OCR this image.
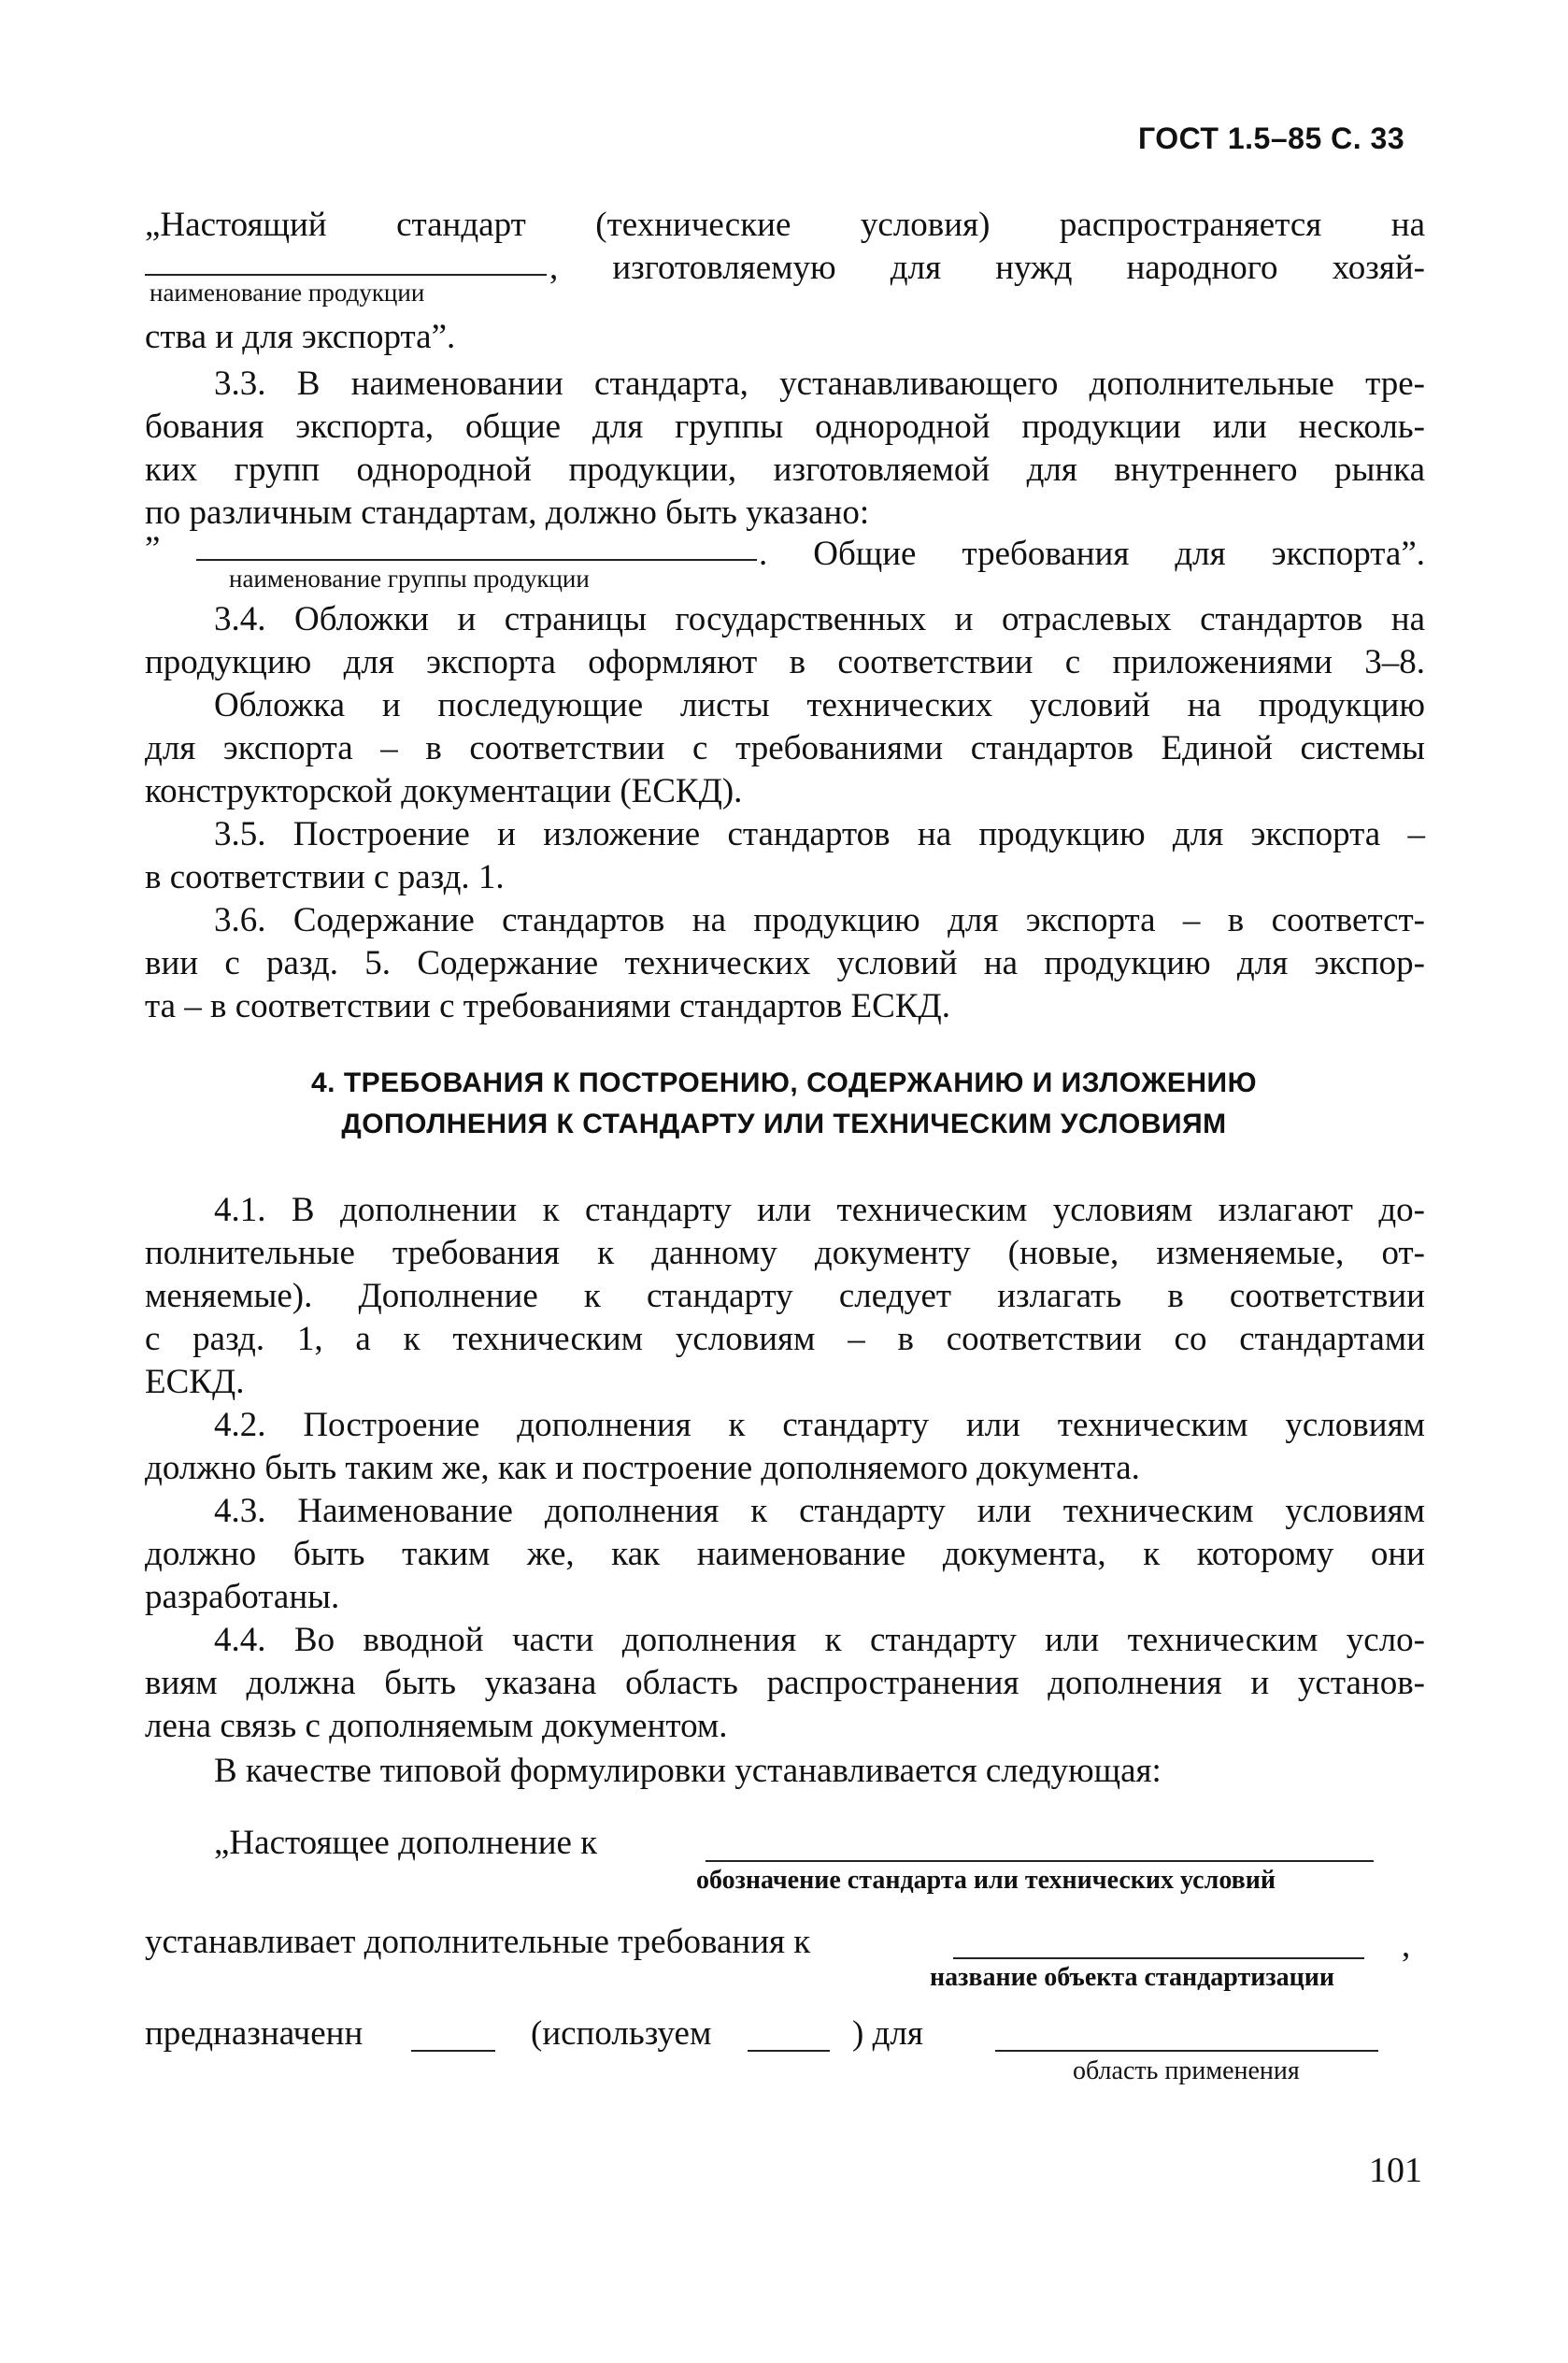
ГОСТ 1.5–85 С. 33
„Настоящий стандарт (технические условия) распространяется на
, изготовляемую для нужд народного хозяй-
наименование продукции
ства и для экспорта”.
3.3. В наименовании стандарта, устанавливающего дополнительные тре-
бования экспорта, общие для группы однородной продукции или несколь-
ких групп однородной продукции, изготовляемой для внутреннего рынка
по различным стандартам, должно быть указано:
”	. Общие требования для экспорта”.
наименование группы продукции
3.4. Обложки и страницы государственных и отраслевых стандартов на
продукцию для экспорта оформляют в соответствии с приложениями 3–8.
Обложка и последующие листы технических условий на продукцию
для экспорта – в соответствии с требованиями стандартов Единой системы
конструкторской документации (ЕСКД).
3.5. Построение и изложение стандартов на продукцию для экспорта –
в соответствии с разд. 1.
3.6. Содержание стандартов на продукцию для экспорта – в соответст-
вии с разд. 5. Содержание технических условий на продукцию для экспор-
та – в соответствии с требованиями стандартов ЕСКД.
4. ТРЕБОВАНИЯ К ПОСТРОЕНИЮ, СОДЕРЖАНИЮ И ИЗЛОЖЕНИЮ
ДОПОЛНЕНИЯ К СТАНДАРТУ ИЛИ ТЕХНИЧЕСКИМ УСЛОВИЯМ
4.1. В дополнении к стандарту или техническим условиям излагают до-
полнительные требования к данному документу (новые, изменяемые, от-
меняемые). Дополнение к стандарту следует излагать в соответствии
с разд. 1, а к техническим условиям – в соответствии со стандартами
ЕСКД.
4.2. Построение дополнения к стандарту или техническим условиям
должно быть таким же, как и построение дополняемого документа.
4.3. Наименование дополнения к стандарту или техническим условиям
должно быть таким же, как наименование документа, к которому они
разработаны.
4.4. Во вводной части дополнения к стандарту или техническим усло-
виям должна быть указана область распространения дополнения и установ-
лена связь с дополняемым документом.
В качестве типовой формулировки устанавливается следующая:
„Настоящее дополнение к
обозначение стандарта или технических условий
устанавливает дополнительные требования к	,
название объекта стандартизации
предназначенн	(используем	) для
область применения
101
